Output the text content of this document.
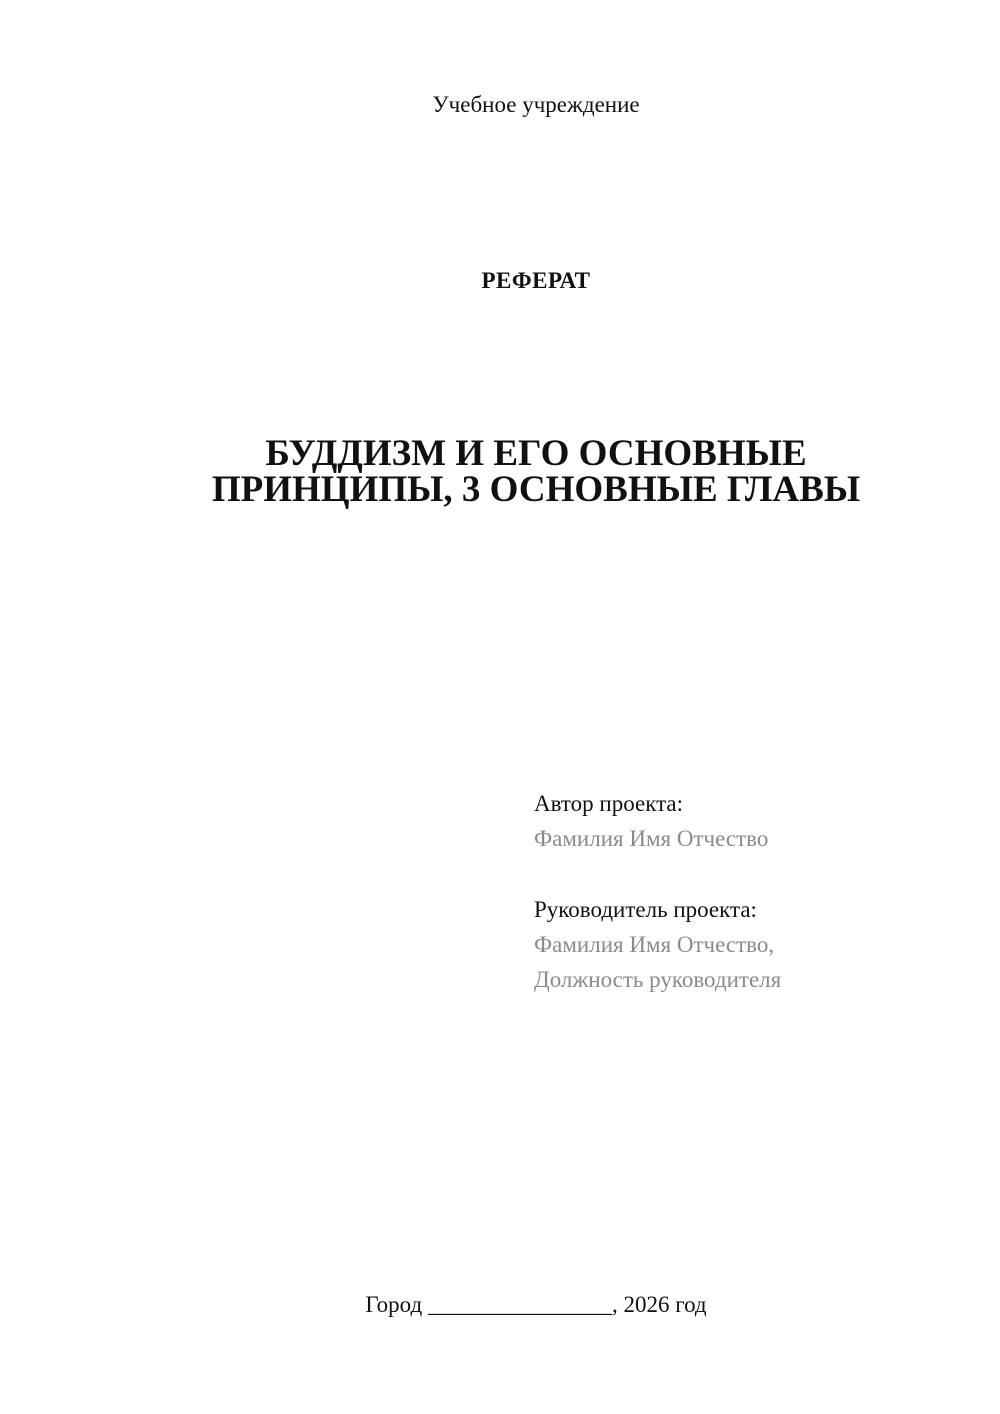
Учебное учреждение
РЕФЕРАТ
БУДДИЗМ И ЕГО ОСНОВНЫЕ
ПРИНЦИПЫ, 3 ОСНОВНЫЕ ГЛАВЫ
Автор проекта:
Фамилия Имя Отчество
Руководитель проекта:
Фамилия Имя Отчество,
Должность руководителя
Город ________________, 2026 год
